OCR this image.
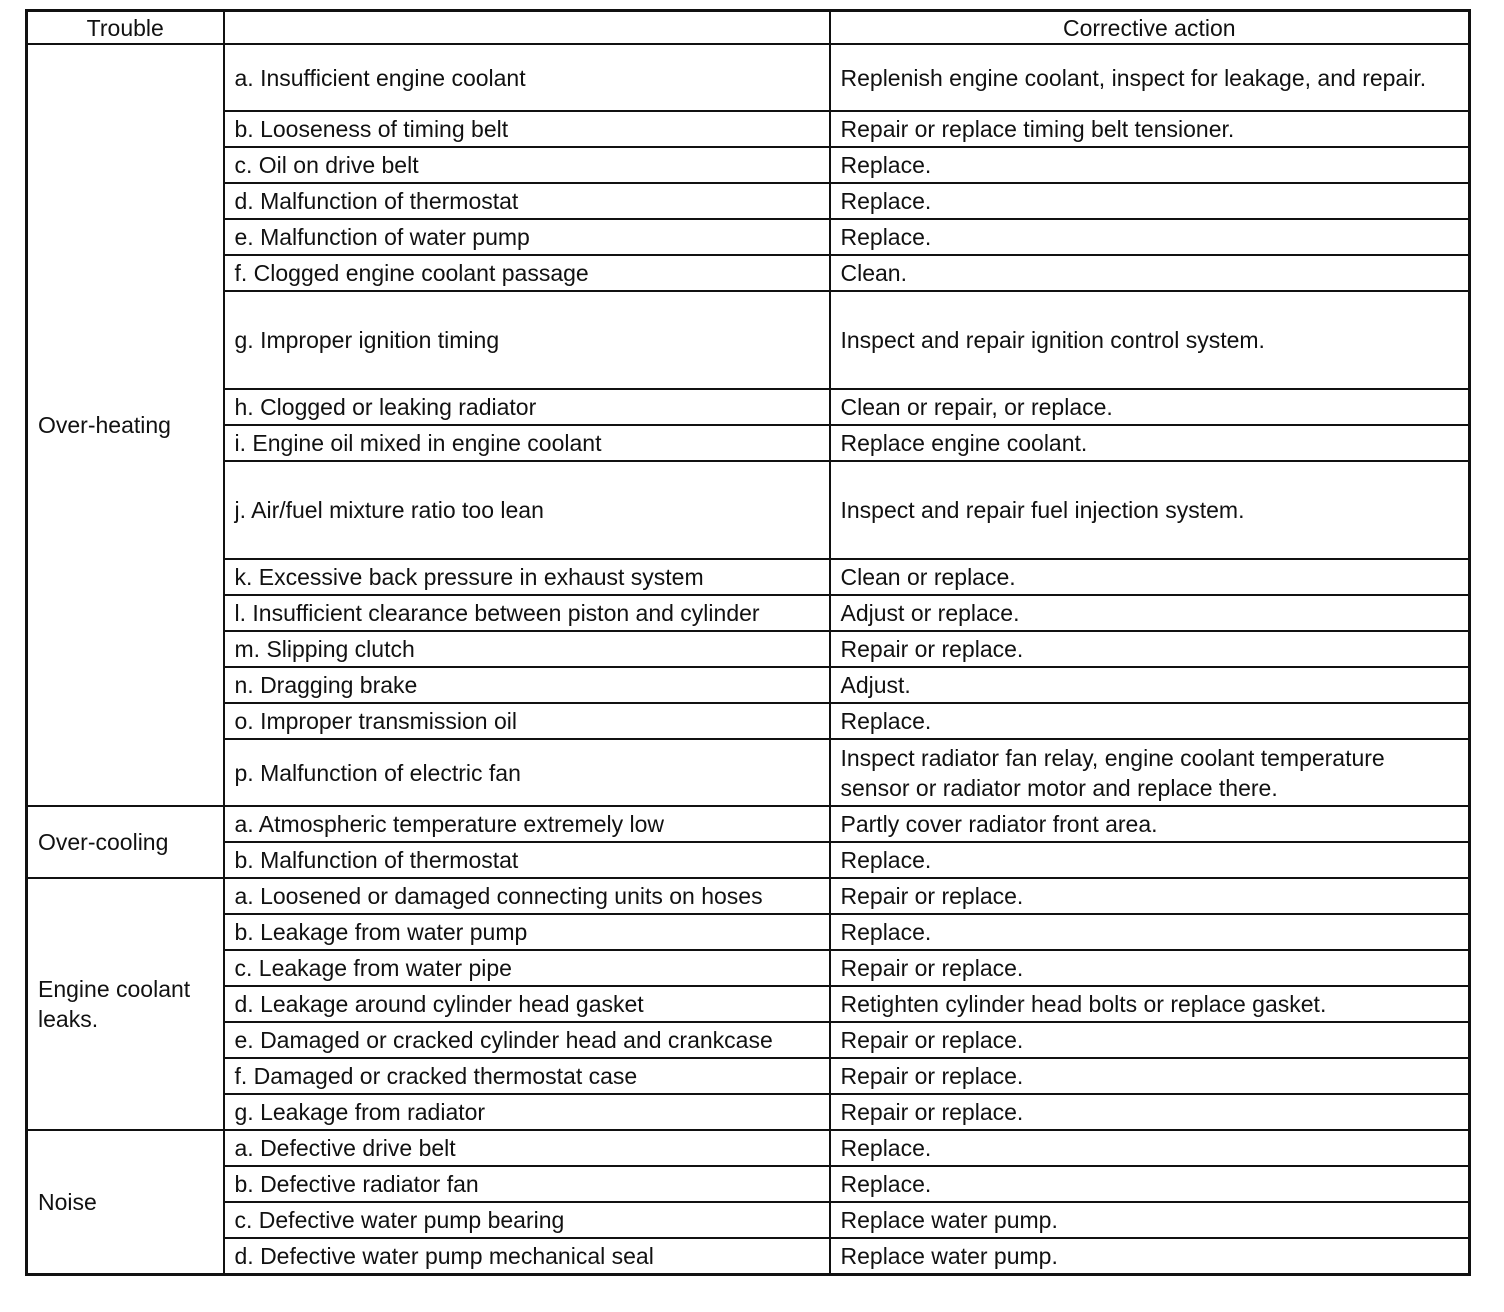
Trouble		Corrective action
Over-heating	a. Insufficient engine coolant	Replenish engine coolant, inspect for leakage, and repair.
	b. Looseness of timing belt	Repair or replace timing belt tensioner.
	c. Oil on drive belt	Replace.
	d. Malfunction of thermostat	Replace.
	e. Malfunction of water pump	Replace.
	f. Clogged engine coolant passage	Clean.
	g. Improper ignition timing	Inspect and repair ignition control system.
	h. Clogged or leaking radiator	Clean or repair, or replace.
	i. Engine oil mixed in engine coolant	Replace engine coolant.
	j. Air/fuel mixture ratio too lean	Inspect and repair fuel injection system.
	k. Excessive back pressure in exhaust system	Clean or replace.
	l. Insufficient clearance between piston and cylinder	Adjust or replace.
	m. Slipping clutch	Repair or replace.
	n. Dragging brake	Adjust.
	o. Improper transmission oil	Replace.
	p. Malfunction of electric fan	Inspect radiator fan relay, engine coolant temperature sensor or radiator motor and replace there.
Over-cooling	a. Atmospheric temperature extremely low	Partly cover radiator front area.
	b. Malfunction of thermostat	Replace.
Engine coolant leaks.	a. Loosened or damaged connecting units on hoses	Repair or replace.
	b. Leakage from water pump	Replace.
	c. Leakage from water pipe	Repair or replace.
	d. Leakage around cylinder head gasket	Retighten cylinder head bolts or replace gasket.
	e. Damaged or cracked cylinder head and crankcase	Repair or replace.
	f. Damaged or cracked thermostat case	Repair or replace.
	g. Leakage from radiator	Repair or replace.
Noise	a. Defective drive belt	Replace.
	b. Defective radiator fan	Replace.
	c. Defective water pump bearing	Replace water pump.
	d. Defective water pump mechanical seal	Replace water pump.
